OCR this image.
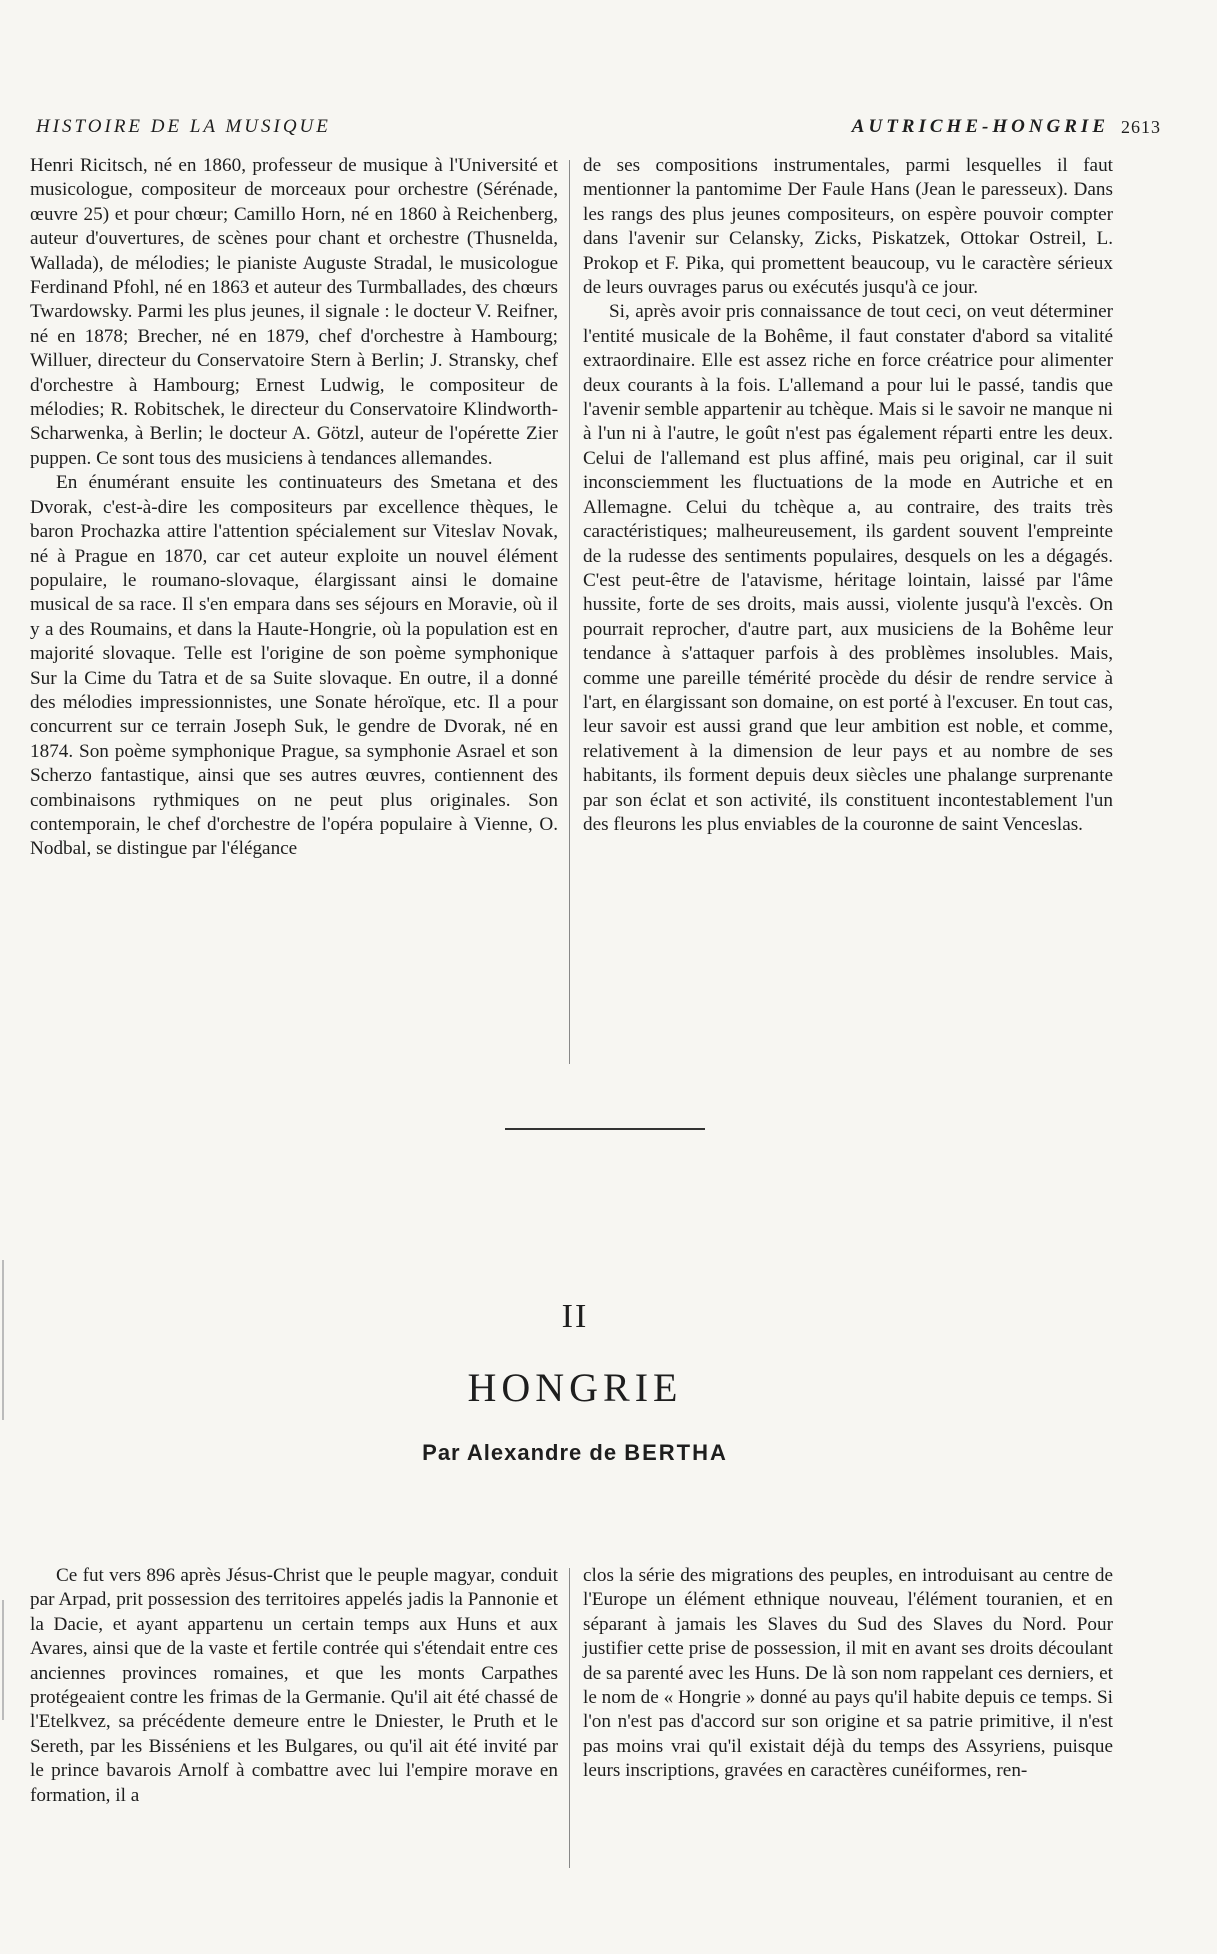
HISTOIRE DE LA MUSIQUE	AUTRICHE-HONGRIE 2613

Henri Ricitsch, né en 1860, professeur de musique à l'Université et musicologue, compositeur de morceaux pour orchestre (Sérénade, œuvre 25) et pour chœur; Camillo Horn, né en 1860 à Reichenberg, auteur d'ouvertures, de scènes pour chant et orchestre (Thusnelda, Wallada), de mélodies; le pianiste Auguste Stradal, le musicologue Ferdinand Pfohl, né en 1863 et auteur des Turmballades, des chœurs Twardowsky. Parmi les plus jeunes, il signale : le docteur V. Reifner, né en 1878; Brecher, né en 1879, chef d'orchestre à Hambourg; Willuer, directeur du Conservatoire Stern à Berlin; J. Stransky, chef d'orchestre à Hambourg; Ernest Ludwig, le compositeur de mélodies; R. Robitschek, le directeur du Conservatoire Klindworth-Scharwenka, à Berlin; le docteur A. Götzl, auteur de l'opérette Zier puppen. Ce sont tous des musiciens à tendances allemandes.

En énumérant ensuite les continuateurs des Smetana et des Dvorak, c'est-à-dire les compositeurs par excellence thèques, le baron Prochazka attire l'attention spécialement sur Viteslav Novak, né à Prague en 1870, car cet auteur exploite un nouvel élément populaire, le roumano-slovaque, élargissant ainsi le domaine musical de sa race. Il s'en empara dans ses séjours en Moravie, où il y a des Roumains, et dans la Haute-Hongrie, où la population est en majorité slovaque. Telle est l'origine de son poème symphonique Sur la Cime du Tatra et de sa Suite slovaque. En outre, il a donné des mélodies impressionnistes, une Sonate héroïque, etc. Il a pour concurrent sur ce terrain Joseph Suk, le gendre de Dvorak, né en 1874. Son poème symphonique Prague, sa symphonie Asrael et son Scherzo fantastique, ainsi que ses autres œuvres, contiennent des combinaisons rythmiques on ne peut plus originales. Son contemporain, le chef d'orchestre de l'opéra populaire à Vienne, O. Nodbal, se distingue par l'élégance

de ses compositions instrumentales, parmi lesquelles il faut mentionner la pantomime Der Faule Hans (Jean le paresseux). Dans les rangs des plus jeunes compositeurs, on espère pouvoir compter dans l'avenir sur Celansky, Zicks, Piskatzek, Ottokar Ostreil, L. Prokop et F. Pika, qui promettent beaucoup, vu le caractère sérieux de leurs ouvrages parus ou exécutés jusqu'à ce jour.

Si, après avoir pris connaissance de tout ceci, on veut déterminer l'entité musicale de la Bohême, il faut constater d'abord sa vitalité extraordinaire. Elle est assez riche en force créatrice pour alimenter deux courants à la fois. L'allemand a pour lui le passé, tandis que l'avenir semble appartenir au tchèque. Mais si le savoir ne manque ni à l'un ni à l'autre, le goût n'est pas également réparti entre les deux. Celui de l'allemand est plus affiné, mais peu original, car il suit inconsciemment les fluctuations de la mode en Autriche et en Allemagne. Celui du tchèque a, au contraire, des traits très caractéristiques; malheureusement, ils gardent souvent l'empreinte de la rudesse des sentiments populaires, desquels on les a dégagés. C'est peut-être de l'atavisme, héritage lointain, laissé par l'âme hussite, forte de ses droits, mais aussi, violente jusqu'à l'excès. On pourrait reprocher, d'autre part, aux musiciens de la Bohême leur tendance à s'attaquer parfois à des problèmes insolubles. Mais, comme une pareille témérité procède du désir de rendre service à l'art, en élargissant son domaine, on est porté à l'excuser. En tout cas, leur savoir est aussi grand que leur ambition est noble, et comme, relativement à la dimension de leur pays et au nombre de ses habitants, ils forment depuis deux siècles une phalange surprenante par son éclat et son activité, ils constituent incontestablement l'un des fleurons les plus enviables de la couronne de saint Venceslas.

II
HONGRIE
Par Alexandre de BERTHA

Ce fut vers 896 après Jésus-Christ que le peuple magyar, conduit par Arpad, prit possession des territoires appelés jadis la Pannonie et la Dacie, et ayant appartenu un certain temps aux Huns et aux Avares, ainsi que de la vaste et fertile contrée qui s'étendait entre ces anciennes provinces romaines, et que les monts Carpathes protégeaient contre les frimas de la Germanie. Qu'il ait été chassé de l'Etelkvez, sa précédente demeure entre le Dniester, le Pruth et le Sereth, par les Bisséniens et les Bulgares, ou qu'il ait été invité par le prince bavarois Arnolf à combattre avec lui l'empire morave en formation, il a

clos la série des migrations des peuples, en introduisant au centre de l'Europe un élément ethnique nouveau, l'élément touranien, et en séparant à jamais les Slaves du Sud des Slaves du Nord. Pour justifier cette prise de possession, il mit en avant ses droits découlant de sa parenté avec les Huns. De là son nom rappelant ces derniers, et le nom de « Hongrie » donné au pays qu'il habite depuis ce temps. Si l'on n'est pas d'accord sur son origine et sa patrie primitive, il n'est pas moins vrai qu'il existait déjà du temps des Assyriens, puisque leurs inscriptions, gravées en caractères cunéiformes, ren-
